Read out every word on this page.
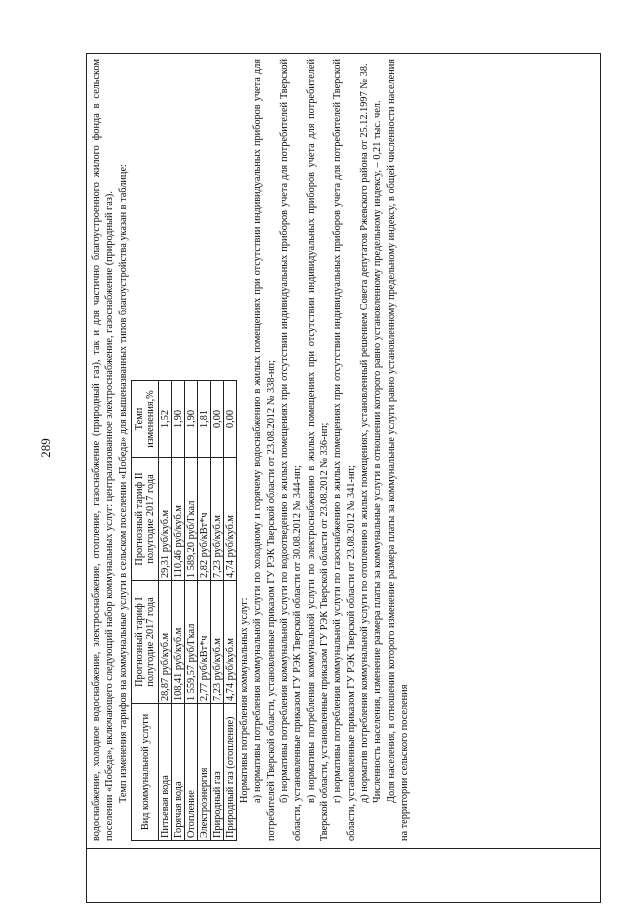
289	водоснабжение, холодное водоснабжение, электроснабжение, отопление, газоснабжение (природный газ), так и для частично благоустроенного жилого фонда в сельском поселении «Победа», включающего следующий набор коммунальных услуг: централизованное электроснабжение, газоснабжение (природный газ). Темп изменения тарифов на коммунальные услуги в сельском поселении «Победа» для вышеназванных типов благоустройства указан в таблице: Вид коммунальной услуги	Прогнозный тариф I полугодие 2017 года	Прогнозный тариф II полугодие 2017 года	Темп изменения,%
Питьевая вода	28,87 руб/куб.м	29,31 руб/куб.м	1,52
Горячая вода	108,41 руб/куб.м	110,46 руб/куб.м	1,90
Отопление	1 559,57 руб/Гкал	1 589,20 руб/Гкал	1,90
Электроэнергия	2,77 руб/кВт*ч	2,82 руб/кВт*ч	1,81
Природный газ	7,23 руб/куб.м	7,23 руб/куб.м	0,00
Природный газ (отопление)	4,74 руб/куб.м	4,74 руб/куб.м	0,00

Нормативы потребления коммунальных услуг: а) нормативы потребления коммунальной услуги по холодному и горячему водоснабжению в жилых помещениях при отсутствии индивидуальных приборов учета для потребителей Тверской области, установленные приказом ГУ РЭК Тверской области от 23.08.2012 № 338-нп; б) нормативы потребления коммунальной услуги по водоотведению в жилых помещениях при отсутствии индивидуальных приборов учета для потребителей Тверской области, установленные приказом ГУ РЭК Тверской области от 30.08.2012 № 344-нп; в) нормативы потребления коммунальной услуги по электроснабжению в жилых помещениях при отсутствии индивидуальных приборов учета для потребителей Тверской области, установленные приказом ГУ РЭК Тверской области от 23.08.2012 № 336-нп; г) нормативы потребления коммунальной услуги по газоснабжению в жилых помещениях при отсутствии индивидуальных приборов учета для потребителей Тверской области, установленные приказом ГУ РЭК Тверской области от 23.08.2012 № 341-нп; д) норматив потребления коммунальной услуги по отоплению в жилых помещениях, установленный решением Совета депутатов Ржевского района от 25.12.1997 № 38. Численность населения, изменение размера платы за коммунальные услуги в отношении которого равно установленному предельному индексу, – 0,21 тыс. чел. Доля населения, в отношении которого изменение размера платы за коммунальные услуги равно установленному предельному индексу, в общей численности населения на территории сельского поселения
